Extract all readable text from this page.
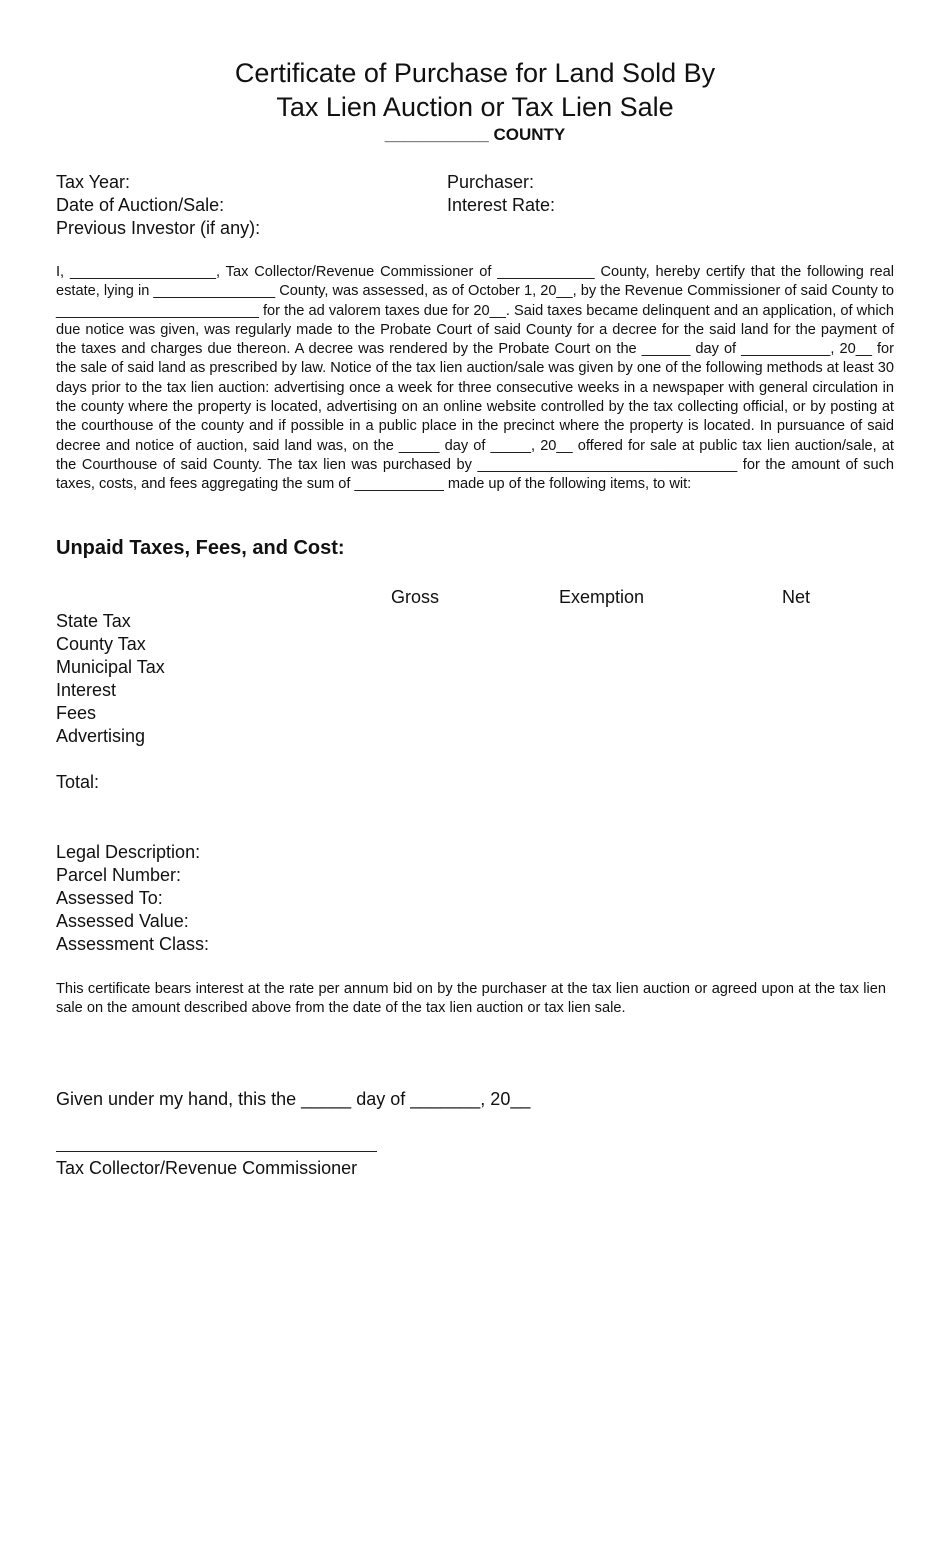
Certificate of Purchase for Land Sold By
Tax Lien Auction or Tax Lien Sale
___________ COUNTY
Tax Year:
Date of Auction/Sale:
Previous Investor (if any):
Purchaser:
Interest Rate:

I, __________________, Tax Collector/Revenue Commissioner of ____________ County, hereby certify that the following real estate, lying in _______________ County, was assessed, as of October 1, 20__, by the Revenue Commissioner of said County to _________________________ for the ad valorem taxes due for 20__. Said taxes became delinquent and an application, of which due notice was given, was regularly made to the Probate Court of said County for a decree for the said land for the payment of the taxes and charges due thereon. A decree was rendered by the Probate Court on the ______ day of ___________, 20__ for the sale of said land as prescribed by law. Notice of the tax lien auction/sale was given by one of the following methods at least 30 days prior to the tax lien auction: advertising once a week for three consecutive weeks in a newspaper with general circulation in the county where the property is located, advertising on an online website controlled by the tax collecting official, or by posting at the courthouse of the county and if possible in a public place in the precinct where the property is located. In pursuance of said decree and notice of auction, said land was, on the _____ day of _____, 20__ offered for sale at public tax lien auction/sale, at the Courthouse of said County. The tax lien was purchased by ________________________________ for the amount of such taxes, costs, and fees aggregating the sum of ___________ made up of the following items, to wit:

Unpaid Taxes, Fees, and Cost:
Gross	Exemption	Net
State Tax
County Tax
Municipal Tax
Interest
Fees
Advertising
Total:
Legal Description:
Parcel Number:
Assessed To:
Assessed Value:
Assessment Class:

This certificate bears interest at the rate per annum bid on by the purchaser at the tax lien auction or agreed upon at the tax lien sale on the amount described above from the date of the tax lien auction or tax lien sale.

Given under my hand, this the _____ day of _______, 20__
Tax Collector/Revenue Commissioner
